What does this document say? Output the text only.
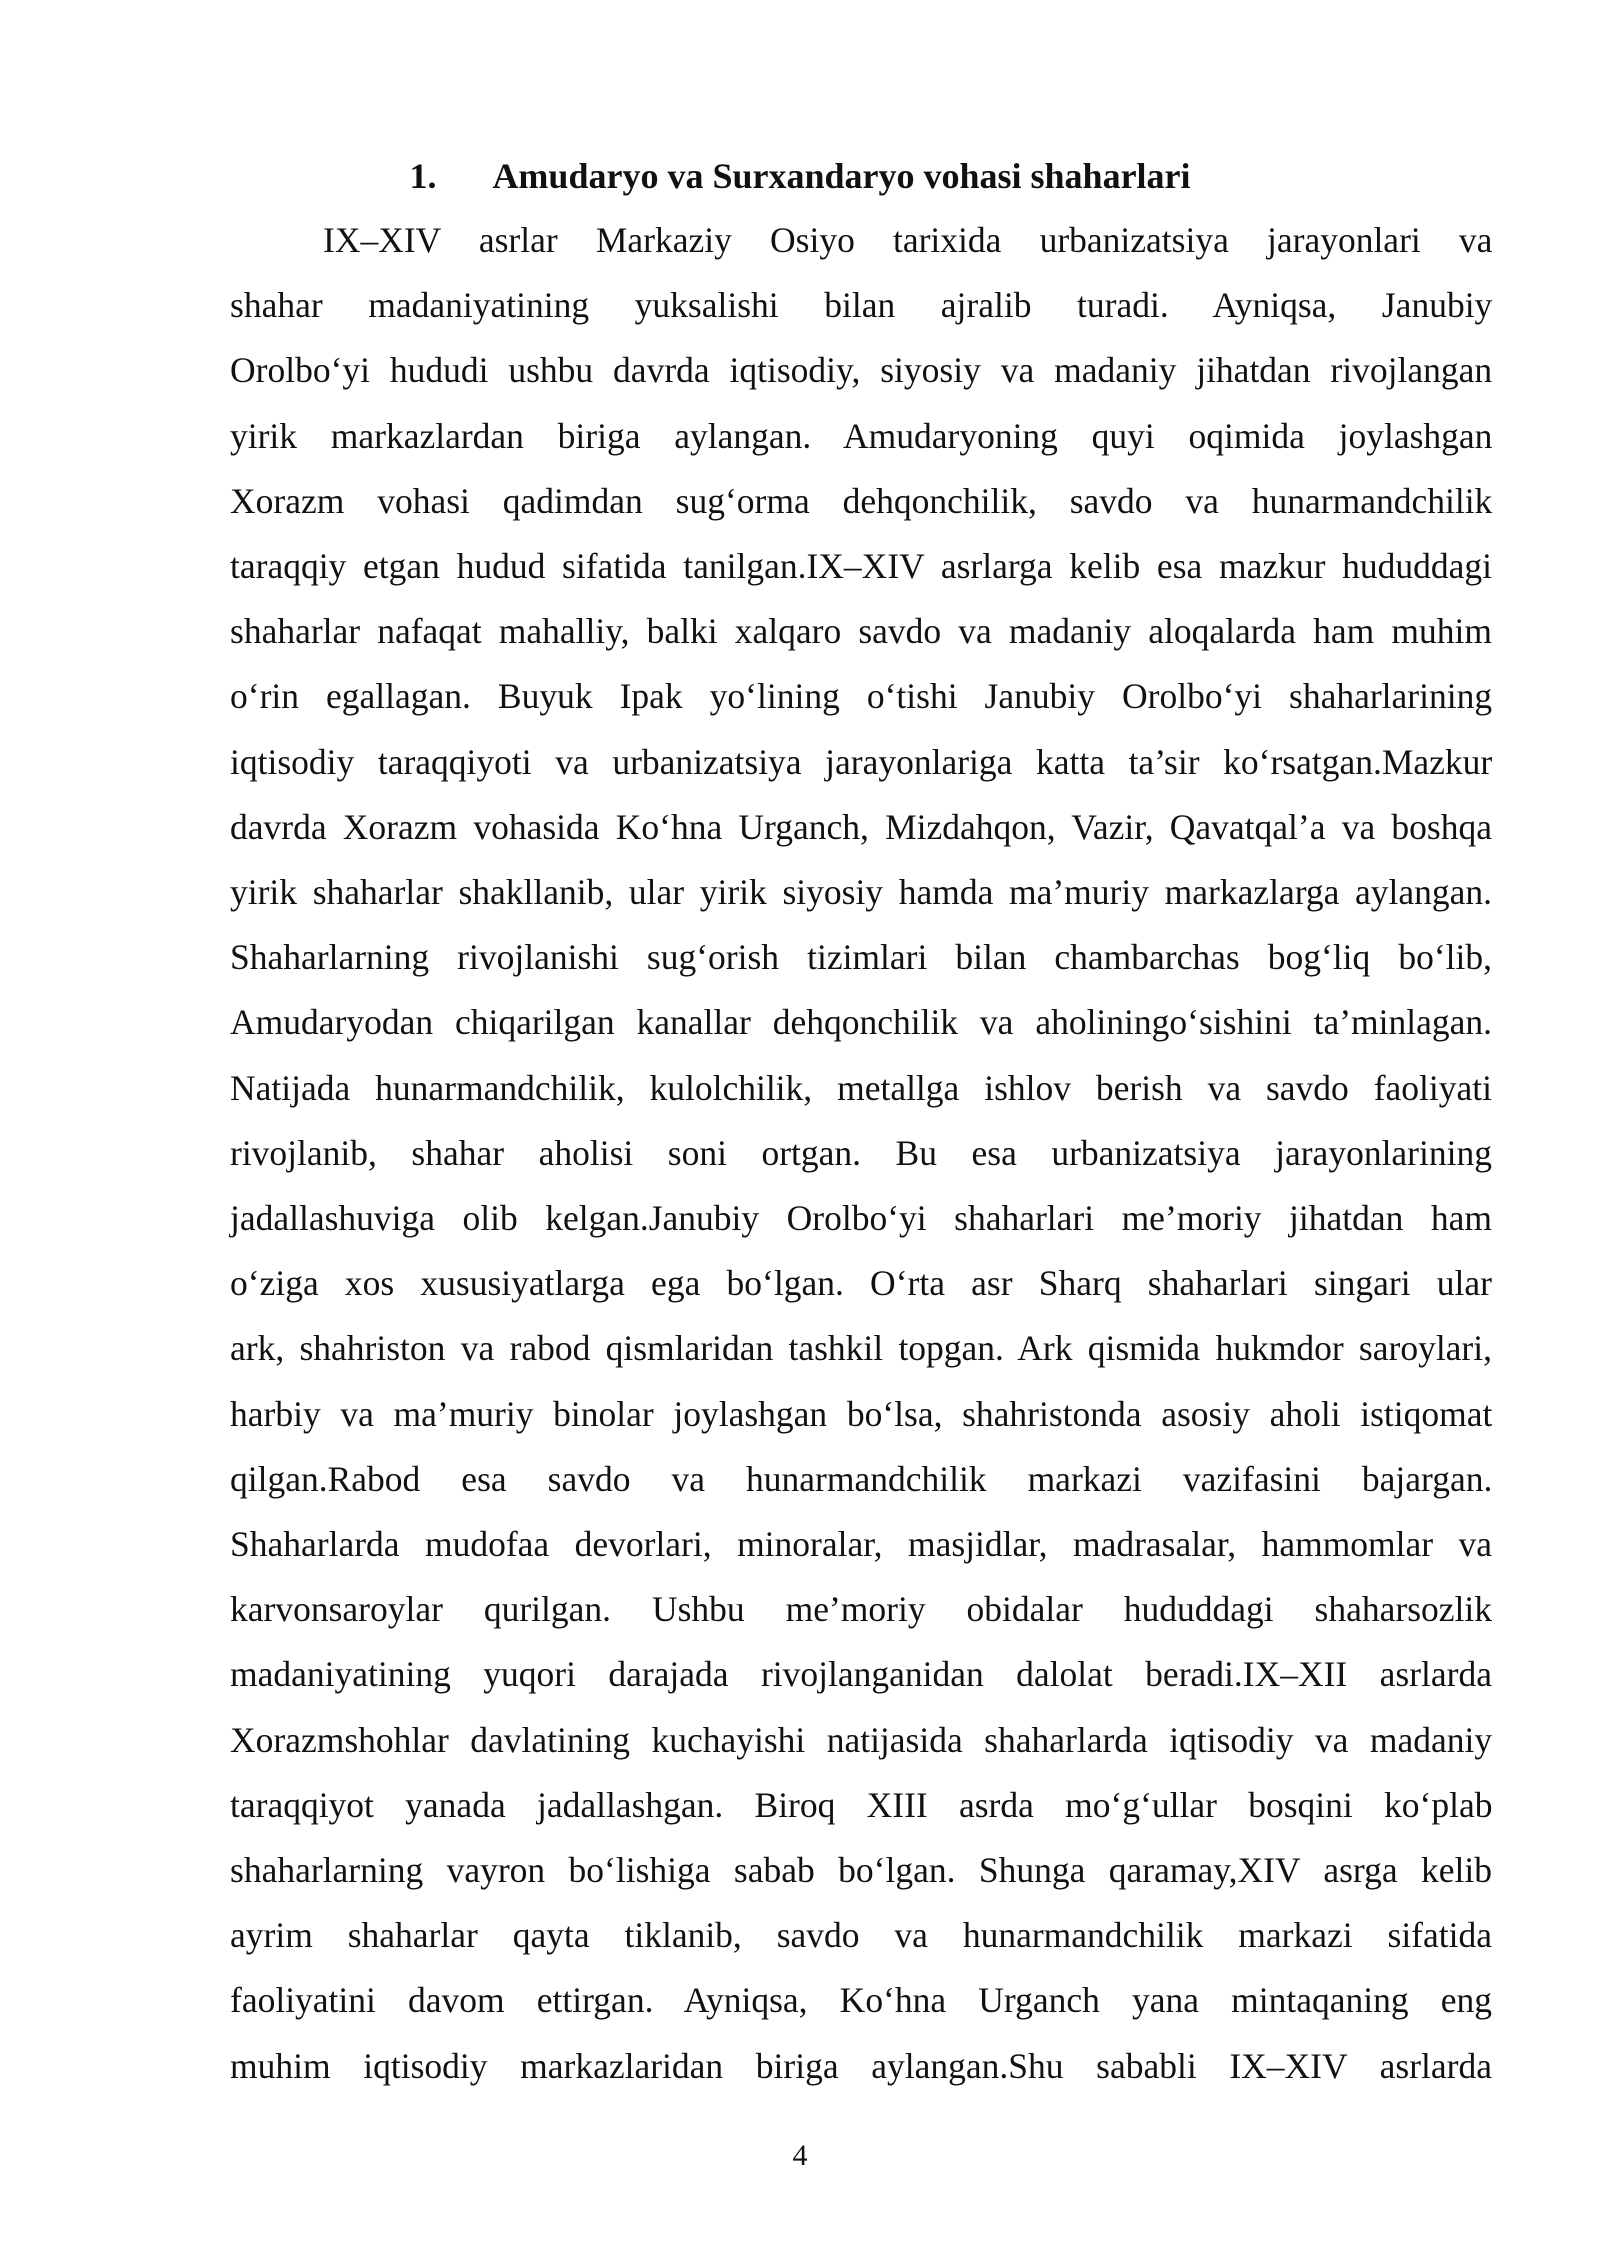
1. Amudaryo va Surxandaryo vohasi shaharlari
IX–XIV asrlar Markaziy Osiyo tarixida urbanizatsiya jarayonlari va
shahar madaniyatining yuksalishi bilan ajralib turadi. Ayniqsa, Janubiy
Orolboʻyi hududi ushbu davrda iqtisodiy, siyosiy va madaniy jihatdan rivojlangan
yirik markazlardan biriga aylangan. Amudaryoning quyi oqimida joylashgan
Xorazm vohasi qadimdan sugʻorma dehqonchilik, savdo va hunarmandchilik
taraqqiy etgan hudud sifatida tanilgan.IX–XIV asrlarga kelib esa mazkur hududdagi
shaharlar nafaqat mahalliy, balki xalqaro savdo va madaniy aloqalarda ham muhim
oʻrin egallagan. Buyuk Ipak yoʻlining oʻtishi Janubiy Orolboʻyi shaharlarining
iqtisodiy taraqqiyoti va urbanizatsiya jarayonlariga katta ta’sir koʻrsatgan.Mazkur
davrda Xorazm vohasida Koʻhna Urganch, Mizdahqon, Vazir, Qavatqal’a va boshqa
yirik shaharlar shakllanib, ular yirik siyosiy hamda ma’muriy markazlarga aylangan.
Shaharlarning rivojlanishi sugʻorish tizimlari bilan chambarchas bogʻliq boʻlib,
Amudaryodan chiqarilgan kanallar dehqonchilik va aholiningoʻsishini ta’minlagan.
Natijada hunarmandchilik, kulolchilik, metallga ishlov berish va savdo faoliyati
rivojlanib, shahar aholisi soni ortgan. Bu esa urbanizatsiya jarayonlarining
jadallashuviga olib kelgan.Janubiy Orolboʻyi shaharlari me’moriy jihatdan ham
oʻziga xos xususiyatlarga ega boʻlgan. Oʻrta asr Sharq shaharlari singari ular
ark, shahriston va rabod qismlaridan tashkil topgan. Ark qismida hukmdor saroylari,
harbiy va ma’muriy binolar joylashgan boʻlsa, shahristonda asosiy aholi istiqomat
qilgan.Rabod esa savdo va hunarmandchilik markazi vazifasini bajargan.
Shaharlarda mudofaa devorlari, minoralar, masjidlar, madrasalar, hammomlar va
karvonsaroylar qurilgan. Ushbu me’moriy obidalar hududdagi shaharsozlik
madaniyatining yuqori darajada rivojlanganidan dalolat beradi.IX–XII asrlarda
Xorazmshohlar davlatining kuchayishi natijasida shaharlarda iqtisodiy va madaniy
taraqqiyot yanada jadallashgan. Biroq XIII asrda moʻgʻullar bosqini koʻplab
shaharlarning vayron boʻlishiga sabab boʻlgan. Shunga qaramay,XIV asrga kelib
ayrim shaharlar qayta tiklanib, savdo va hunarmandchilik markazi sifatida
faoliyatini davom ettirgan. Ayniqsa, Koʻhna Urganch yana mintaqaning eng
muhim iqtisodiy markazlaridan biriga aylangan.Shu sababli IX–XIV asrlarda
4
